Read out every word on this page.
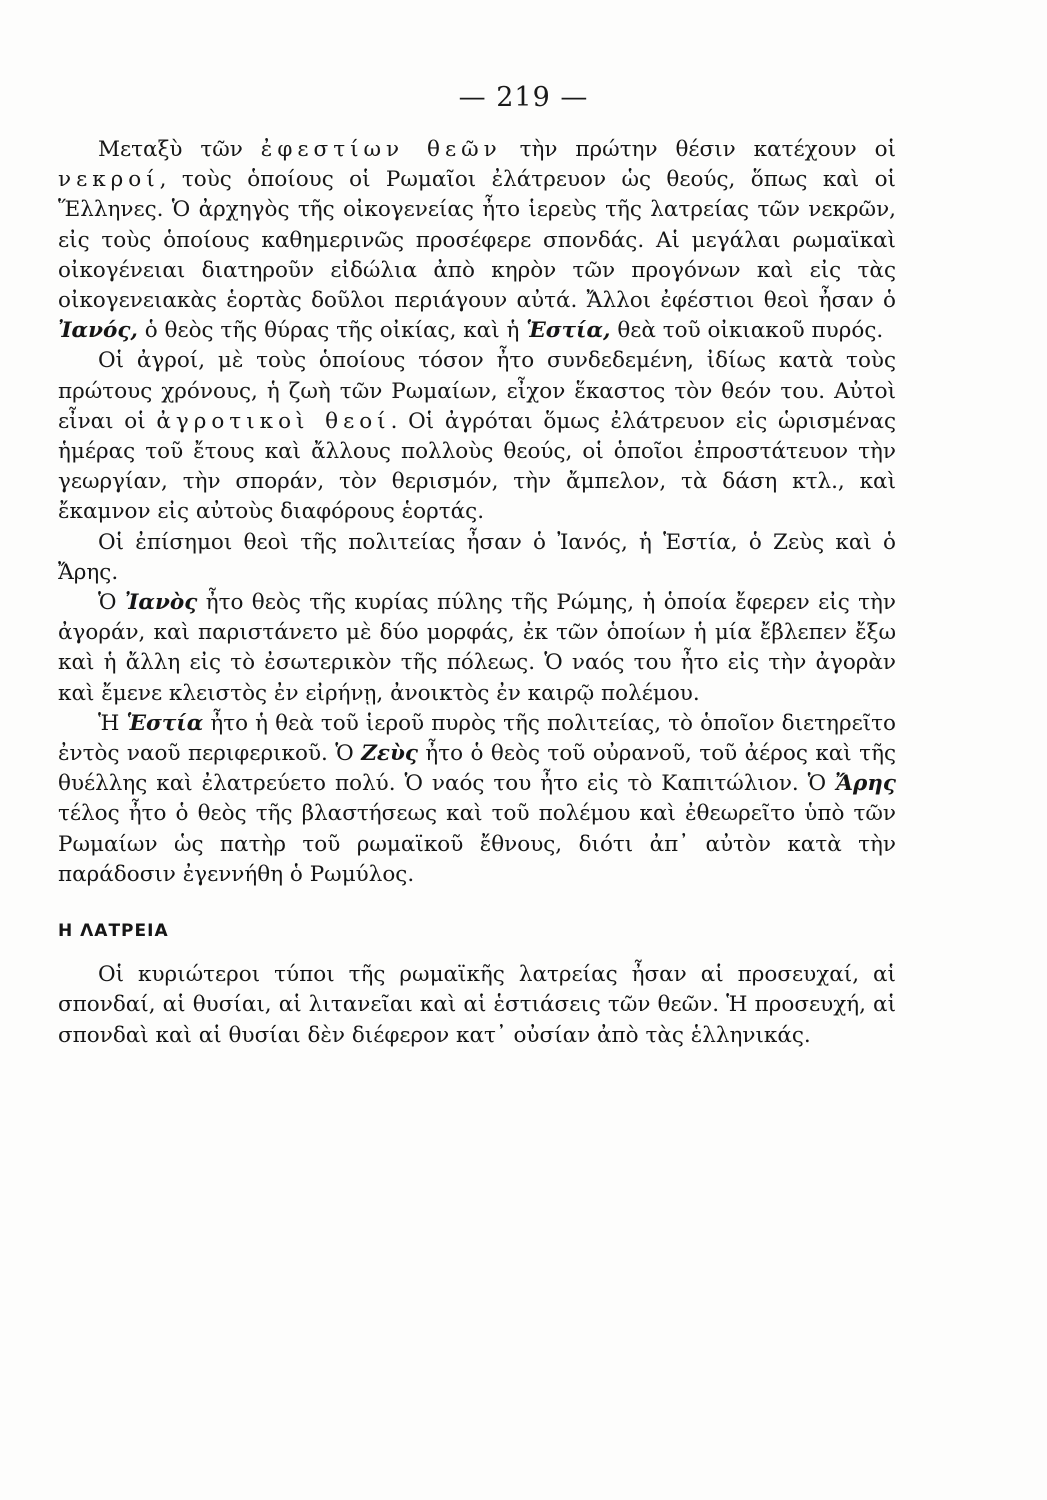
— 219 —

Μεταξὺ τῶν ἐφεστίων θεῶν τὴν πρώτην θέσιν κατέχουν οἱ νεκροί, τοὺς ὁποίους οἱ Ρωμαῖοι ἐλάτρευον ὡς θεούς, ὅπως καὶ οἱ Ἕλληνες. Ὁ ἀρχηγὸς τῆς οἰκογενείας ἦτο ἱερεὺς τῆς λατρείας τῶν νεκρῶν, εἰς τοὺς ὁποίους καθημερινῶς προσέφερε σπονδάς. Αἱ μεγάλαι ρωμαϊκαὶ οἰκογένειαι διατηροῦν εἰδώλια ἀπὸ κηρὸν τῶν προγόνων καὶ εἰς τὰς οἰκογενειακὰς ἑορτὰς δοῦλοι περιάγουν αὐτά. Ἄλλοι ἐφέστιοι θεοὶ ἦσαν ὁ Ἰανός, ὁ θεὸς τῆς θύρας τῆς οἰκίας, καὶ ἡ Ἑστία, θεὰ τοῦ οἰκιακοῦ πυρός.

Οἱ ἀγροί, μὲ τοὺς ὁποίους τόσον ἦτο συνδεδεμένη, ἰδίως κατὰ τοὺς πρώτους χρόνους, ἡ ζωὴ τῶν Ρωμαίων, εἶχον ἕκαστος τὸν θεόν του. Αὐτοὶ εἶναι οἱ ἀγροτικοὶ θεοί. Οἱ ἀγρόται ὅμως ἐλάτρευον εἰς ὡρισμένας ἡμέρας τοῦ ἔτους καὶ ἄλλους πολλοὺς θεούς, οἱ ὁποῖοι ἐπροστάτευον τὴν γεωργίαν, τὴν σποράν, τὸν θερισμόν, τὴν ἄμπελον, τὰ δάση κτλ., καὶ ἔκαμνον εἰς αὐτοὺς διαφόρους ἑορτάς.

Οἱ ἐπίσημοι θεοὶ τῆς πολιτείας ἦσαν ὁ Ἰανός, ἡ Ἑστία, ὁ Ζεὺς καὶ ὁ Ἄρης.

Ὁ Ἰανὸς ἦτο θεὸς τῆς κυρίας πύλης τῆς Ρώμης, ἡ ὁποία ἔφερεν εἰς τὴν ἀγοράν, καὶ παριστάνετο μὲ δύο μορφάς, ἐκ τῶν ὁποίων ἡ μία ἔβλεπεν ἔξω καὶ ἡ ἄλλη εἰς τὸ ἐσωτερικὸν τῆς πόλεως. Ὁ ναός του ἦτο εἰς τὴν ἀγορὰν καὶ ἔμενε κλειστὸς ἐν εἰρήνῃ, ἀνοικτὸς ἐν καιρῷ πολέμου.

Ἡ Ἑστία ἦτο ἡ θεὰ τοῦ ἱεροῦ πυρὸς τῆς πολιτείας, τὸ ὁποῖον διετηρεῖτο ἐντὸς ναοῦ περιφερικοῦ. Ὁ Ζεὺς ἦτο ὁ θεὸς τοῦ οὐρανοῦ, τοῦ ἀέρος καὶ τῆς θυέλλης καὶ ἐλατρεύετο πολύ. Ὁ ναός του ἦτο εἰς τὸ Καπιτώλιον. Ὁ Ἄρης τέλος ἦτο ὁ θεὸς τῆς βλαστήσεως καὶ τοῦ πολέμου καὶ ἐθεωρεῖτο ὑπὸ τῶν Ρωμαίων ὡς πατὴρ τοῦ ρωμαϊκοῦ ἔθνους, διότι ἀπ᾽ αὐτὸν κατὰ τὴν παράδοσιν ἐγεννήθη ὁ Ρωμύλος.

Η ΛΑΤΡΕΙΑ

Οἱ κυριώτεροι τύποι τῆς ρωμαϊκῆς λατρείας ἦσαν αἱ προσευχαί, αἱ σπονδαί, αἱ θυσίαι, αἱ λιτανεῖαι καὶ αἱ ἑστιάσεις τῶν θεῶν. Ἡ προσευχή, αἱ σπονδαὶ καὶ αἱ θυσίαι δὲν διέφερον κατ᾽ οὐσίαν ἀπὸ τὰς ἑλληνικάς.
